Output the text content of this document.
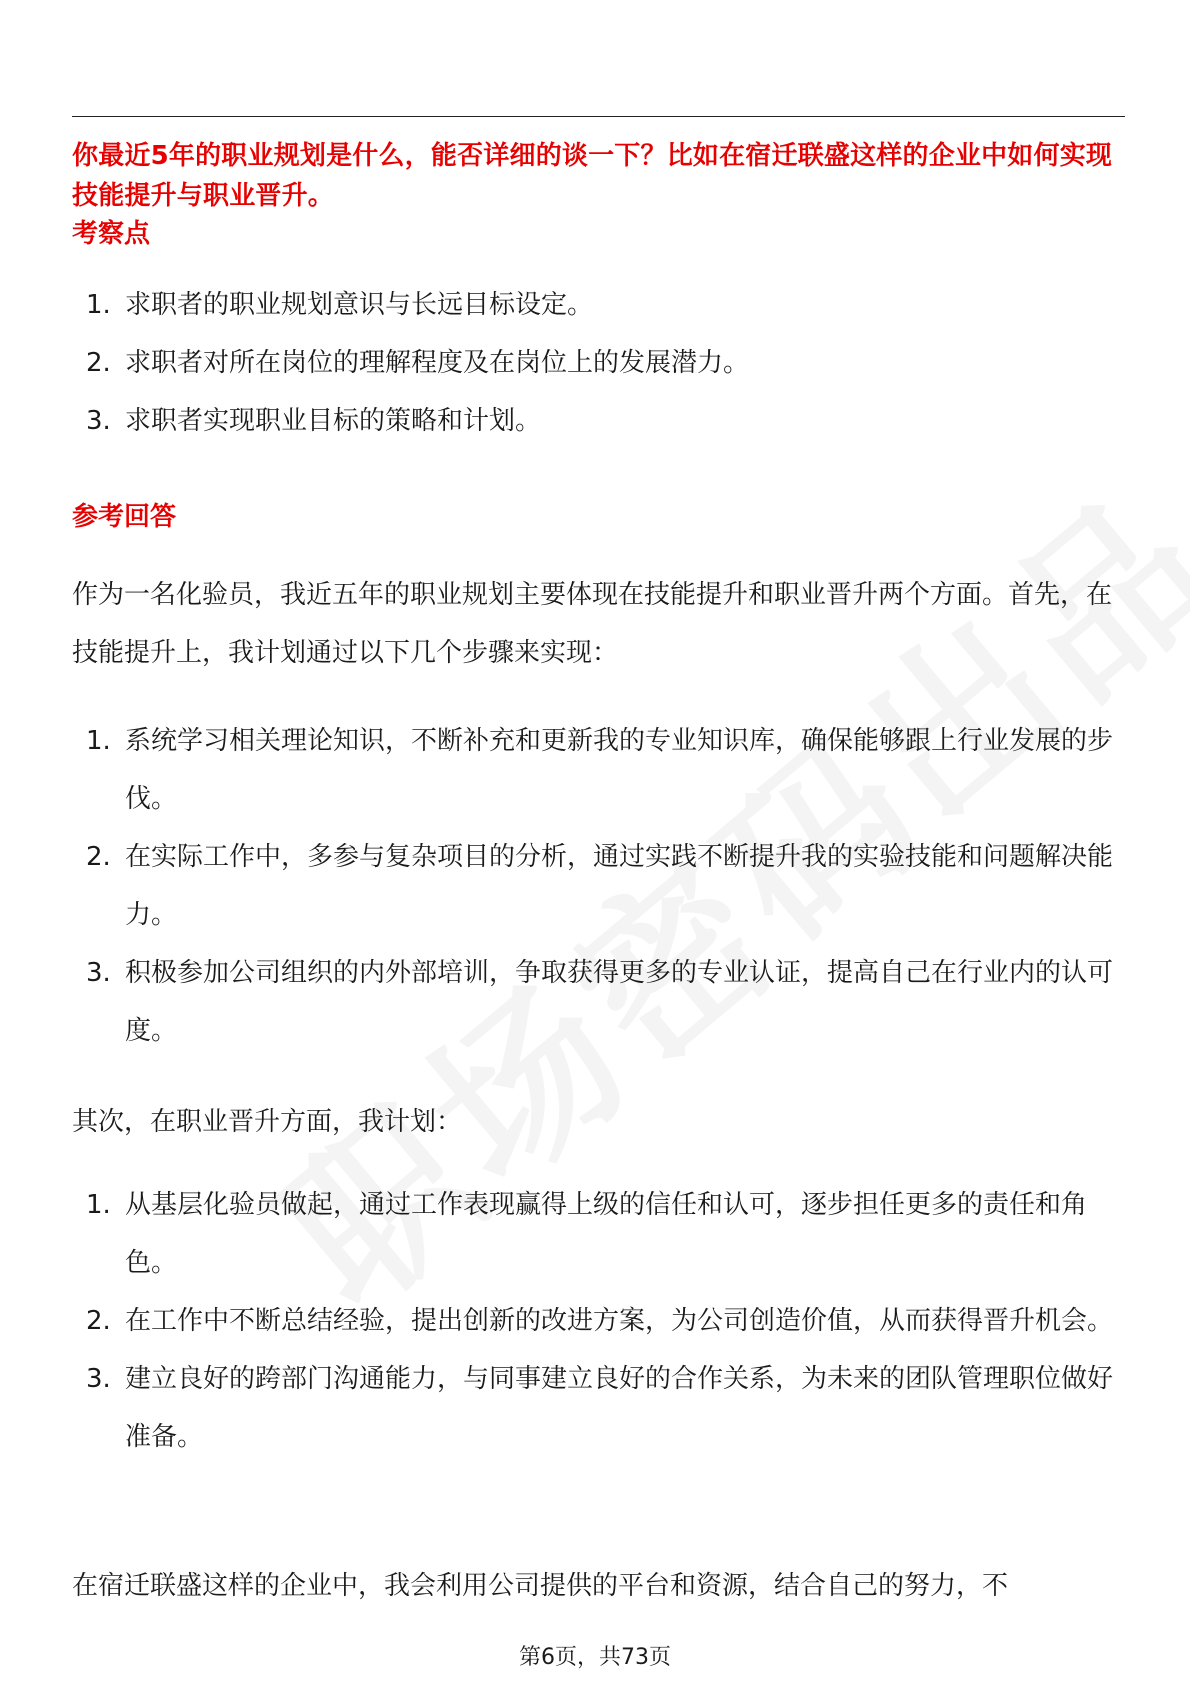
你最近5年的职业规划是什么，能否详细的谈一下？比如在宿迁联盛这样的企业中如何实现技能提升与职业晋升。
考察点
1. 求职者的职业规划意识与长远目标设定。
2. 求职者对所在岗位的理解程度及在岗位上的发展潜力。
3. 求职者实现职业目标的策略和计划。
参考回答
作为一名化验员，我近五年的职业规划主要体现在技能提升和职业晋升两个方面。首先，在技能提升上，我计划通过以下几个步骤来实现：
1. 系统学习相关理论知识，不断补充和更新我的专业知识库，确保能够跟上行业发展的步伐。
2. 在实际工作中，多参与复杂项目的分析，通过实践不断提升我的实验技能和问题解决能力。
3. 积极参加公司组织的内外部培训，争取获得更多的专业认证，提高自己在行业内的认可度。
其次，在职业晋升方面，我计划：
1. 从基层化验员做起，通过工作表现赢得上级的信任和认可，逐步担任更多的责任和角色。
2. 在工作中不断总结经验，提出创新的改进方案，为公司创造价值，从而获得晋升机会。
3. 建立良好的跨部门沟通能力，与同事建立良好的合作关系，为未来的团队管理职位做好准备。
在宿迁联盛这样的企业中，我会利用公司提供的平台和资源，结合自己的努力，不
第6页，共73页
